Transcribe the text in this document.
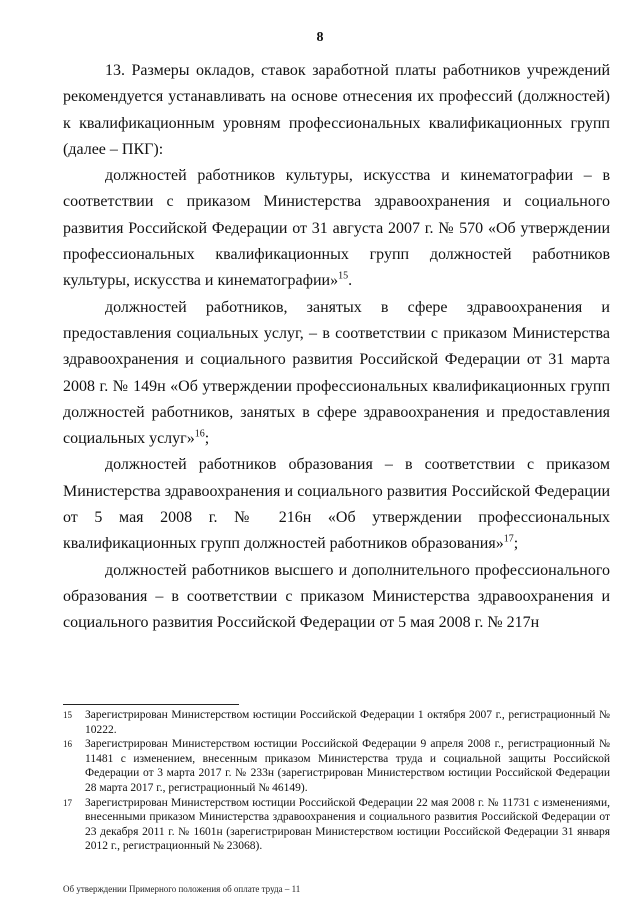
8

13. Размеры окладов, ставок заработной платы работников учреждений рекомендуется устанавливать на основе отнесения их профессий (должностей) к квалификационным уровням профессиональных квалификационных групп (далее – ПКГ):

должностей работников культуры, искусства и кинематографии – в соответствии с приказом Министерства здравоохранения и социального развития Российской Федерации от 31 августа 2007 г. № 570 «Об утверждении профессиональных квалификационных групп должностей работников культуры, искусства и кинематографии»$^{15}$.

должностей работников, занятых в сфере здравоохранения и предоставления социальных услуг, – в соответствии с приказом Министерства здравоохранения и социального развития Российской Федерации от 31 марта 2008 г. № 149н «Об утверждении профессиональных квалификационных групп должностей работников, занятых в сфере здравоохранения и предоставления социальных услуг»$^{16}$;

должностей работников образования – в соответствии с приказом Министерства здравоохранения и социального развития Российской Федерации от 5 мая 2008 г. № 216н «Об утверждении профессиональных квалификационных групп должностей работников образования»$^{17}$;

должностей работников высшего и дополнительного профессионального образования – в соответствии с приказом Министерства здравоохранения и социального развития Российской Федерации от 5 мая 2008 г. № 217н

15	Зарегистрирован Министерством юстиции Российской Федерации 1 октября 2007 г., регистрационный № 10222.
16	Зарегистрирован Министерством юстиции Российской Федерации 9 апреля 2008 г., регистрационный № 11481 с изменением, внесенным приказом Министерства труда и социальной защиты Российской Федерации от 3 марта 2017 г. № 233н (зарегистрирован Министерством юстиции Российской Федерации 28 марта 2017 г., регистрационный № 46149).
17	Зарегистрирован Министерством юстиции Российской Федерации 22 мая 2008 г. № 11731 с изменениями, внесенными приказом Министерства здравоохранения и социального развития Российской Федерации от 23 декабря 2011 г. № 1601н (зарегистрирован Министерством юстиции Российской Федерации 31 января 2012 г., регистрационный № 23068).
Об утверждении Примерного положения об оплате труда – 11
